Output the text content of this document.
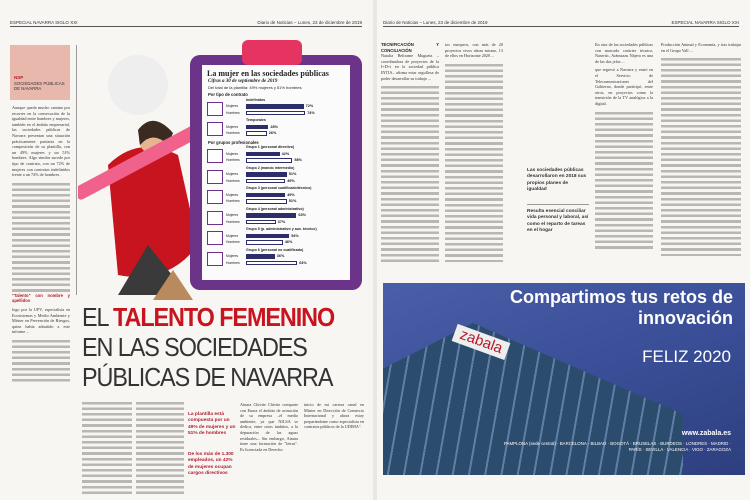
ESPECIAL NAVARRA SIGLO XXI	Diario de Noticias – Lunes, 23 de diciembre de 2019
NSP
SOCIEDADES PÚBLICAS DE NAVARRA

Aunque queda mucho camino por recorrer en la consecución de la igualdad entre hombres y mujeres, también en el ámbito empresarial, las sociedades públicas de Navarra presentan una situación prácticamente paritaria en la composición de su plantilla, con un 49% mujeres y un 51% hombres. Algo similar sucede por tipo de contrato, con un 72% de mujeres con contratos indefinidos frente a un 74% de hombres.

"Talento" con nombre y apellidos

logo por la UPV, especialista en Ecosistemas y Medio Ambiente y Máster en Prevención de Riesgos, quien había admitido a este informe ...

La mujer en las sociedades públicas
Cifras a 30 de septiembre de 2019
Del total de la plantilla: 49% mujeres y 51% hombres
Por tipo de contrato
Indefinidos
Mujeres	72%
Hombres	74%
Temporales
Mujeres	28%
Hombres	26%
Por grupos profesionales
Grupo 1 (personal directivo)
Mujeres	42%
Hombres	58%
Grupo 2 (mando intermedio)
Mujeres	51%
Hombres	49%
Grupo 3 (personal cualificado/técnico)
Mujeres	49%
Hombres	51%
Grupo 4 (personal administrativo)
Mujeres	63%
Hombres	37%
Grupo 5 (p. administrativo y aux. técnico)
Mujeres	54%
Hombres	46%
Grupo 6 (personal no cualificado)
Mujeres	36%
Hombres	64%
EL TALENTO FEMENINO
EN LAS SOCIEDADES
PÚBLICAS DE NAVARRA
La plantilla está compuesta por un 49% de mujeres y un 51% de hombres
De los más de 1.300 empleados, un 42% de mujeres ocupan cargos directivos
Ainara Chivite Chivite comparte con Enara el ámbito de actuación de su empresa –el medio ambiente, ya que NILSA se dedica, entre otros ámbitos, a la depuración de las aguas residuales–. Sin embargo, Ainara tiene una formación de "letras". Es licenciada en Derecho.
inicio de mi carrera canal en Máster en Dirección de Comercio Internacional y ahora estoy preparándome como especialista en contratos públicos de la UDIMA".
Diario de Noticias – Lunes, 23 de diciembre de 2019	ESPECIAL NAVARRA SIGLO XXI

TECNIFICACIÓN Y CONCILIACIÓN

Natalia Beltrame Mugueta –coordinadora de proyectos de la I+D+i en la sociedad pública INTIA– afirma estar orgullosa de poder desarrollar su trabajo ...

tos europeos, con más de 20 proyectos vivos ahora mismo, 13 de ellos en Horizonte 2020 ...

Las sociedades públicas desarrollaron en 2018 sus propios planes de igualdad
Resulta esencial conciliar vida personal y laboral, así como el reparto de tareas en el hogar

En otra de las sociedades públicas con marcado carácter técnico, Nasertic, Arántzazu Nájera es una de las dos jefas ...

que regresó a Navarra y entró en el Servicio de Telecomunicaciones del Gobierno, donde participó, entre otros, en proyectos como la transición de la TV analógica a la digital.

Producción Animal y Economía, y tras trabajar en el Grupo Vall ...

zabala
Compartimos tus retos de innovación
FELIZ 2020
www.zabala.es
PAMPLONA (sede central) · BARCELONA · BILBAO · BOGOTÁ · BRUSELAS · BURDEOS · LONDRES · MADRID · PARÍS · SEVILLA · VALENCIA · VIGO · ZARAGOZA
